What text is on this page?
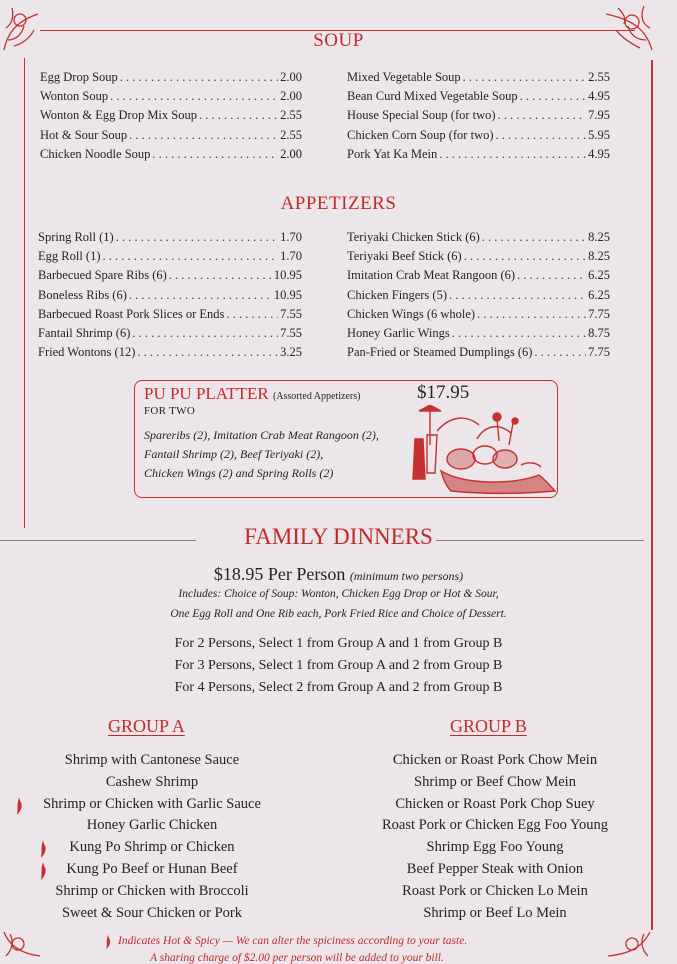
SOUP
Egg Drop Soup . . .	2.00
Wonton Soup . . .	2.00
Wonton & Egg Drop Mix Soup . . .	2.55
Hot & Sour Soup . . .	2.55
Chicken Noodle Soup . . .	2.00
Mixed Vegetable Soup . . .	2.55
Bean Curd Mixed Vegetable Soup . . .	4.95
House Special Soup (for two) . . .	7.95
Chicken Corn Soup (for two) . . .	5.95
Pork Yat Ka Mein . . .	4.95
APPETIZERS
Spring Roll (1) . . .	1.70
Egg Roll (1) . . .	1.70
Barbecued Spare Ribs (6) . . .	10.95
Boneless Ribs (6) . . .	10.95
Barbecued Roast Pork Slices or Ends . . .	7.55
Fantail Shrimp (6) . . .	7.55
Fried Wontons (12) . . .	3.25
Teriyaki Chicken Stick (6) . . .	8.25
Teriyaki Beef Stick (6) . . .	8.25
Imitation Crab Meat Rangoon (6) . . .	6.25
Chicken Fingers (5) . . .	6.25
Chicken Wings (6 whole) . . .	7.75
Honey Garlic Wings . . .	8.75
Pan-Fried or Steamed Dumplings (6) . . .	7.75
PU PU PLATTER (Assorted Appetizers)
FOR TWO
$17.95
Spareribs (2), Imitation Crab Meat Rangoon (2),
Fantail Shrimp (2), Beef Teriyaki (2),
Chicken Wings (2) and Spring Rolls (2)
FAMILY DINNERS
$18.95 Per Person (minimum two persons)
Includes: Choice of Soup: Wonton, Chicken Egg Drop or Hot & Sour,
One Egg Roll and One Rib each, Pork Fried Rice and Choice of Dessert.
For 2 Persons, Select 1 from Group A and 1 from Group B
For 3 Persons, Select 1 from Group A and 2 from Group B
For 4 Persons, Select 2 from Group A and 2 from Group B
GROUP A	GROUP B
Shrimp with Cantonese Sauce
Cashew Shrimp
Shrimp or Chicken with Garlic Sauce
Honey Garlic Chicken
Kung Po Shrimp or Chicken
Kung Po Beef or Hunan Beef
Shrimp or Chicken with Broccoli
Sweet & Sour Chicken or Pork
Chicken or Roast Pork Chow Mein
Shrimp or Beef Chow Mein
Chicken or Roast Pork Chop Suey
Roast Pork or Chicken Egg Foo Young
Shrimp Egg Foo Young
Beef Pepper Steak with Onion
Roast Pork or Chicken Lo Mein
Shrimp or Beef Lo Mein
Indicates Hot & Spicy — We can alter the spiciness according to your taste.
A sharing charge of $2.00 per person will be added to your bill.
